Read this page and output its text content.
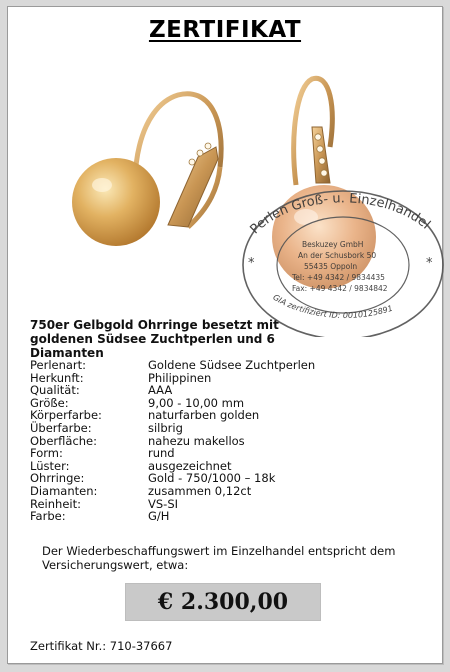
ZERTIFIKAT
Perlen Groß- u. Einzelhandel
GIA zertifiziert ID: 0010125891
*	*
Beskuzey GmbH
An der Schusbork 50
55435 Oppoln
Tel: +49 4342 / 9834435
Fax: +49 4342 / 9834842
750er Gelbgold Ohrringe besetzt mit
goldenen Südsee Zuchtperlen und 6 Diamanten
Perlenart:	Goldene Südsee Zuchtperlen
Herkunft:	Philippinen
Qualität:	AAA
Größe:	9,00 - 10,00 mm
Körperfarbe:	naturfarben golden
Überfarbe:	silbrig
Oberfläche:	nahezu makellos
Form:	rund
Lüster:	ausgezeichnet
Ohrringe:	Gold - 750/1000 – 18k
Diamanten:	zusammen 0,12ct
Reinheit:	VS-SI
Farbe:	G/H
Der Wiederbeschaffungswert im Einzelhandel entspricht dem
Versicherungswert, etwa:
€ 2.300,00
Zertifikat Nr.: 710-37667
